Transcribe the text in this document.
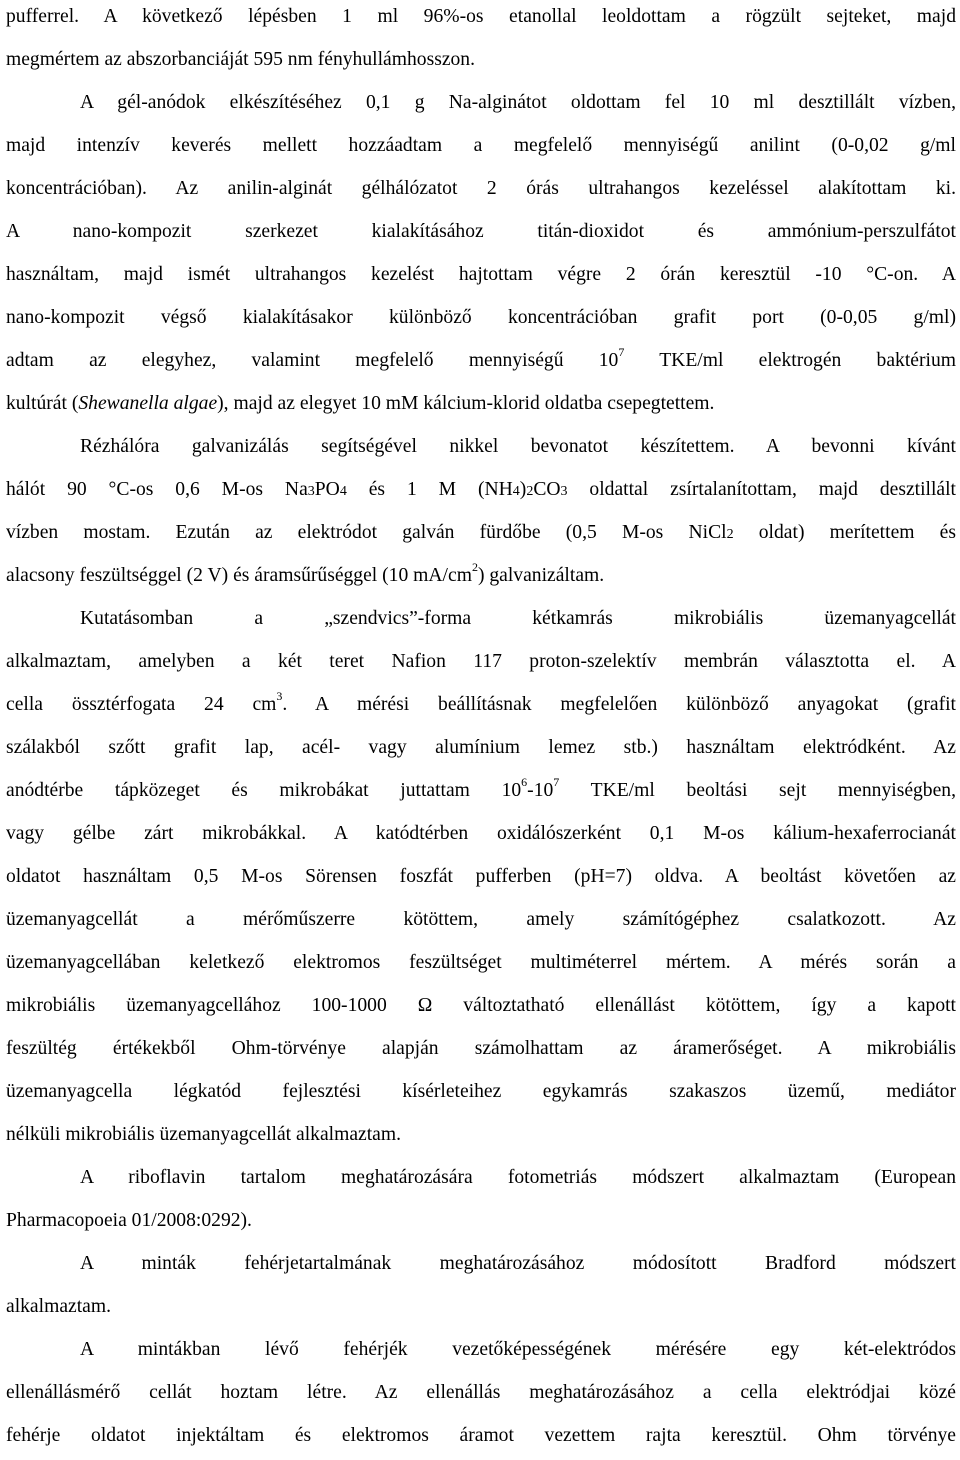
pufferrel. A következő lépésben 1 ml 96%-os etanollal leoldottam a rögzült sejteket, majd
megmértem az abszorbanciáját 595 nm fényhullámhosszon.
A gél-anódok elkészítéséhez 0,1 g Na-alginátot oldottam fel 10 ml desztillált vízben,
majd intenzív keverés mellett hozzáadtam a megfelelő mennyiségű anilint (0-0,02 g/ml
koncentrációban). Az anilin-alginát gélhálózatot 2 órás ultrahangos kezeléssel alakítottam ki.
A nano-kompozit szerkezet kialakításához titán-dioxidot és ammónium-perszulfátot
használtam, majd ismét ultrahangos kezelést hajtottam végre 2 órán keresztül -10 °C-on. A
nano-kompozit végső kialakításakor különböző koncentrációban grafit port (0-0,05 g/ml)
adtam az elegyhez, valamint megfelelő mennyiségű $10^7$ TKE/ml elektrogén baktérium
kultúrát (Shewanella algae), majd az elegyet 10 mM kálcium-klorid oldatba csepegtettem.
Rézhálóra galvanizálás segítségével nikkel bevonatot készítettem. A bevonni kívánt
hálót 90 °C-os 0,6 M-os Na3PO4 és 1 M (NH4)2CO3 oldattal zsírtalanítottam, majd desztillált
vízben mostam. Ezután az elektródot galván fürdőbe (0,5 M-os NiCl2 oldat) merítettem és
alacsony feszültséggel (2 V) és áramsűrűséggel (10 $mA/cm^2$) galvanizáltam.
Kutatásomban a „szendvics”-forma kétkamrás mikrobiális üzemanyagcellát
alkalmaztam, amelyben a két teret Nafion 117 proton-szelektív membrán választotta el. A
cella össztérfogata 24 $cm^3$. A mérési beállításnak megfelelően különböző anyagokat (grafit
szálakból szőtt grafit lap, acél- vagy alumínium lemez stb.) használtam elektródként. Az
anódtérbe tápközeget és mikrobákat juttattam $10^6-10^7$ TKE/ml beoltási sejt mennyiségben,
vagy gélbe zárt mikrobákkal. A katódtérben oxidálószerként 0,1 M-os kálium-hexaferrocianát
oldatot használtam 0,5 M-os Sörensen foszfát pufferben (pH=7) oldva. A beoltást követően az
üzemanyagcellát a mérőműszerre kötöttem, amely számítógéphez csalatkozott. Az
üzemanyagcellában keletkező elektromos feszültséget multiméterrel mértem. A mérés során a
mikrobiális üzemanyagcellához 100-1000 Ω változtatható ellenállást kötöttem, így a kapott
feszültég értékekből Ohm-törvénye alapján számolhattam az áramerőséget. A mikrobiális
üzemanyagcella légkatód fejlesztési kísérleteihez egykamrás szakaszos üzemű, mediátor
nélküli mikrobiális üzemanyagcellát alkalmaztam.
A riboflavin tartalom meghatározására fotometriás módszert alkalmaztam (European
Pharmacopoeia 01/2008:0292).
A minták fehérjetartalmának meghatározásához módosított Bradford módszert
alkalmaztam.
A mintákban lévő fehérjék vezetőképességének mérésére egy két-elektródos
ellenállásmérő cellát hoztam létre. Az ellenállás meghatározásához a cella elektródjai közé
fehérje oldatot injektáltam és elektromos áramot vezettem rajta keresztül. Ohm törvénye
